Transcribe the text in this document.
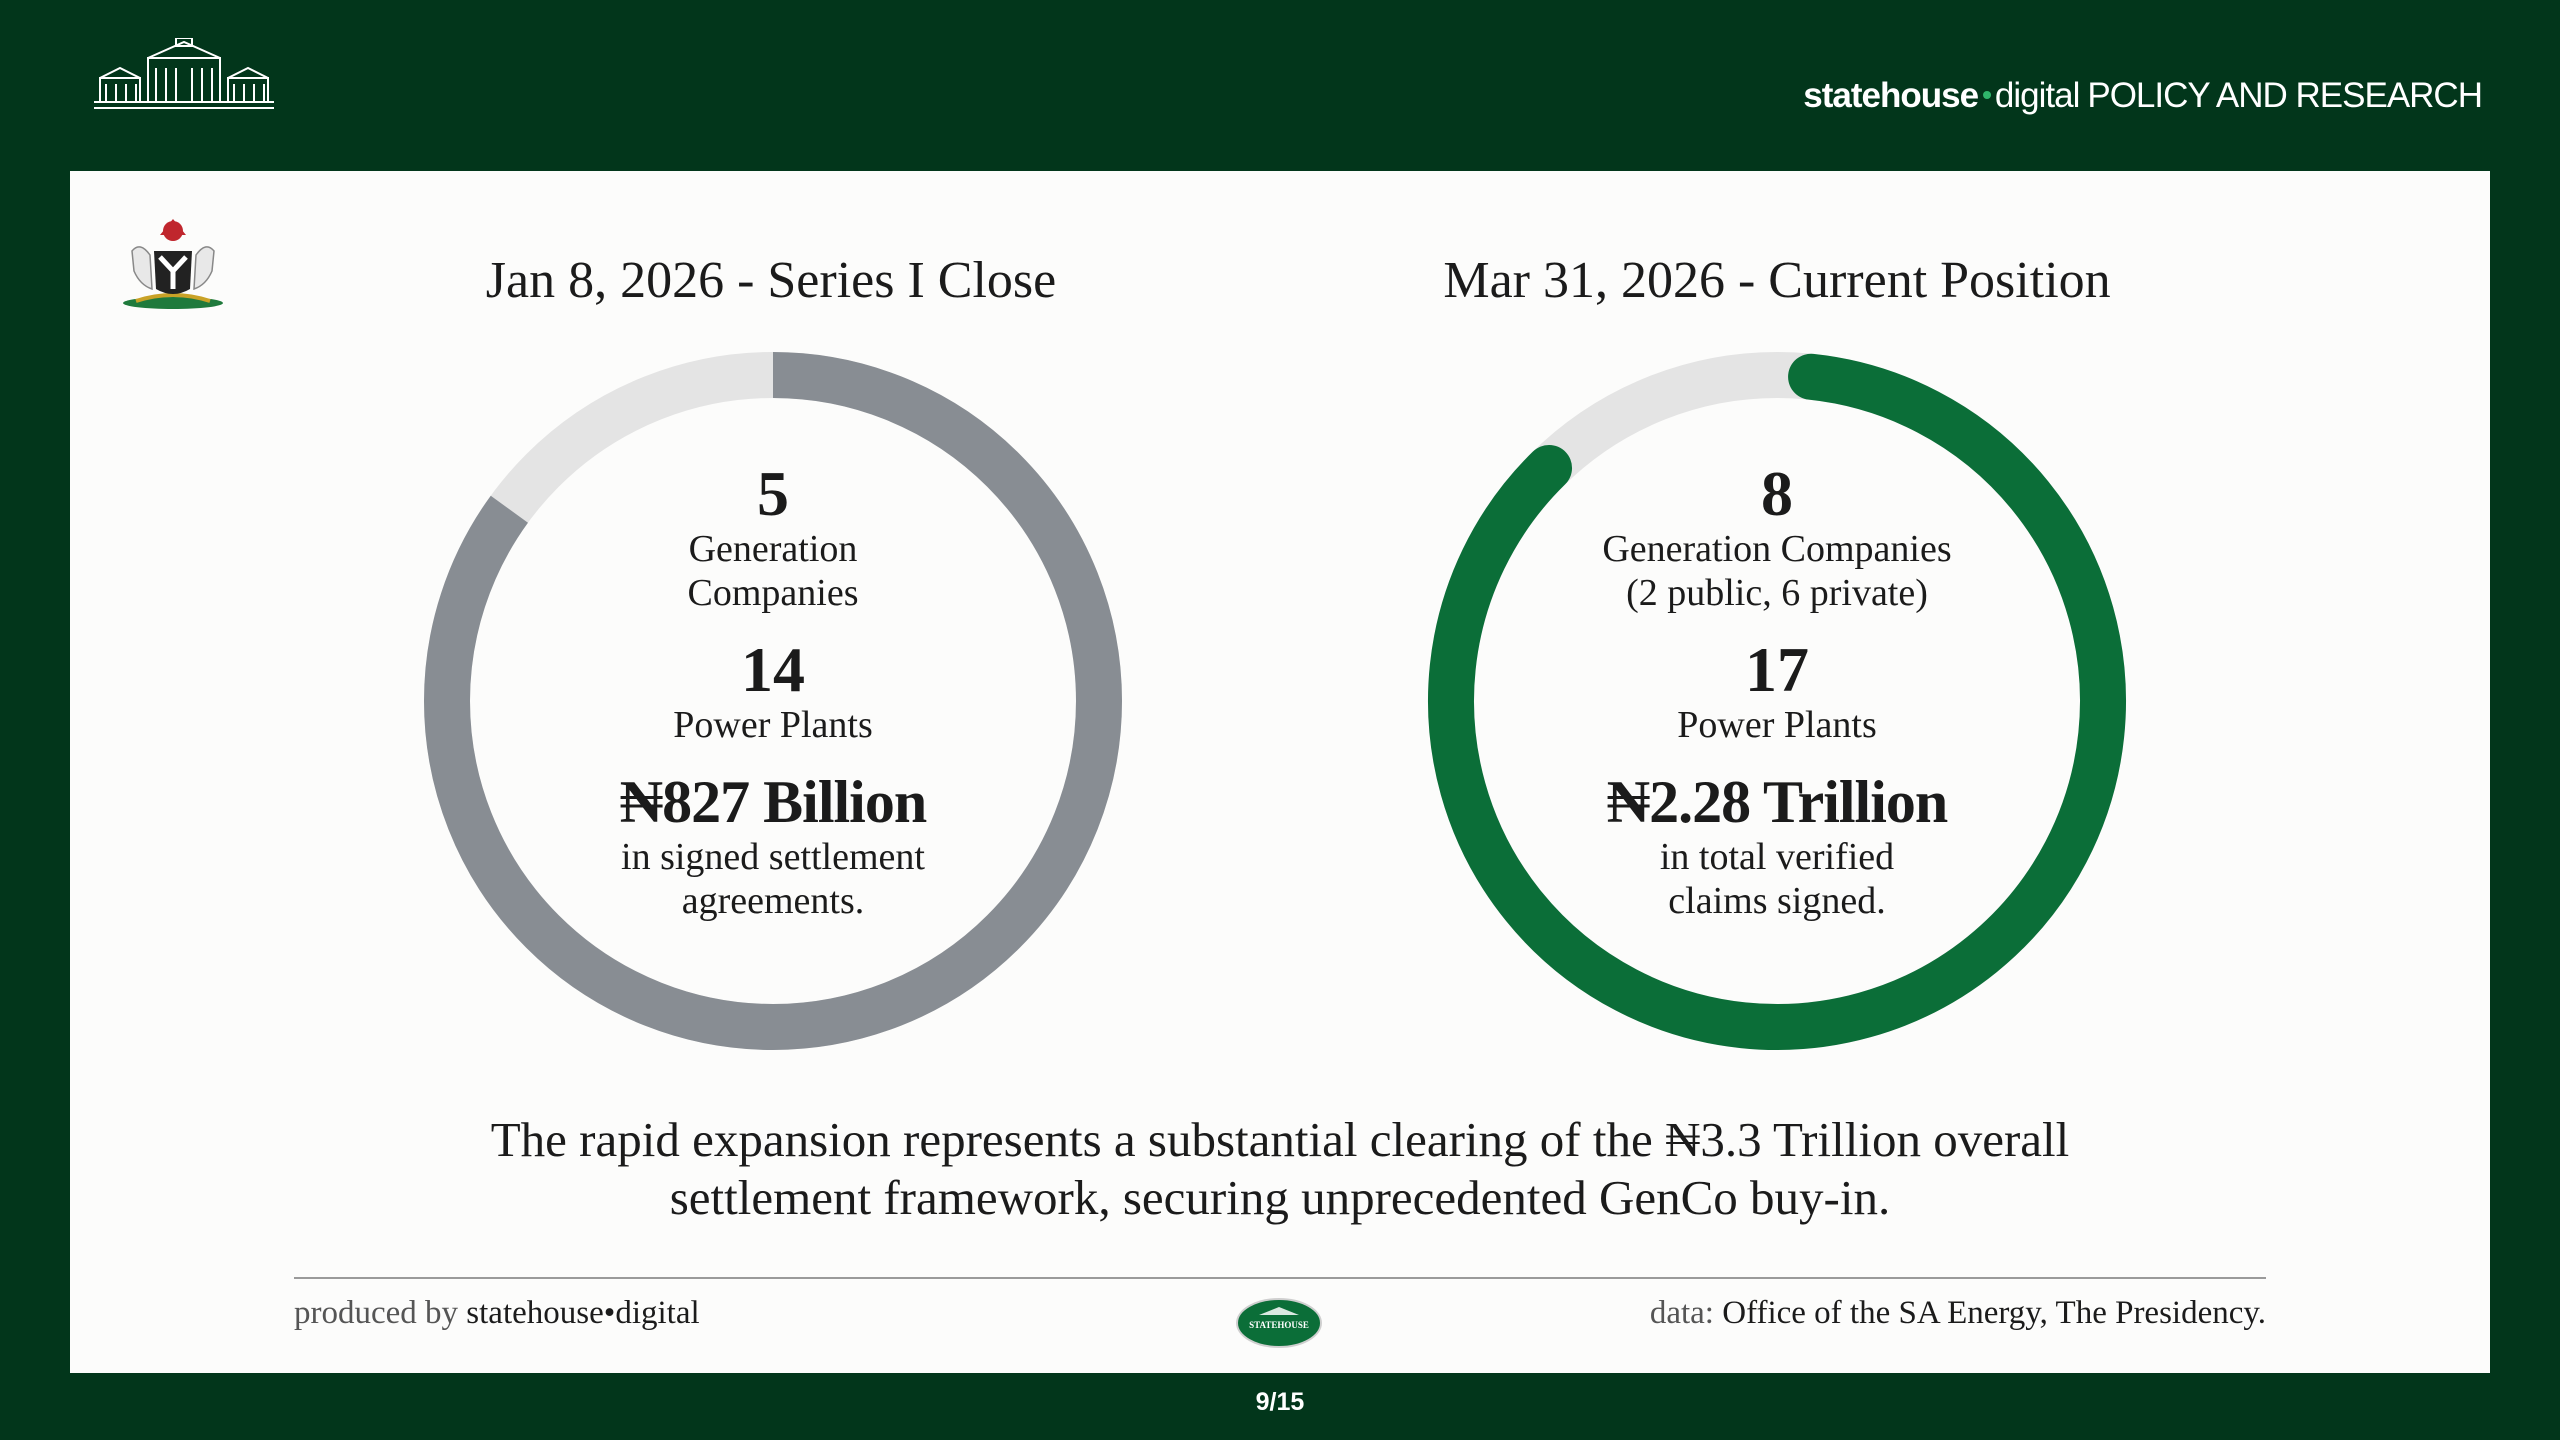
statehouse • digital POLICY AND RESEARCH
Jan 8, 2026 - Series I Close
5
Generation
Companies
14
Power Plants
₦827 Billion
in signed settlement
agreements.
Mar 31, 2026 - Current Position
8
Generation Companies
(2 public, 6 private)
17
Power Plants
₦2.28 Trillion
in total verified
claims signed.
The rapid expansion represents a substantial clearing of the ₦3.3 Trillion overall
settlement framework, securing unprecedented GenCo buy-in.
produced by statehouse•digital	STATEHOUSE	data: Office of the SA Energy, The Presidency.
9/15
